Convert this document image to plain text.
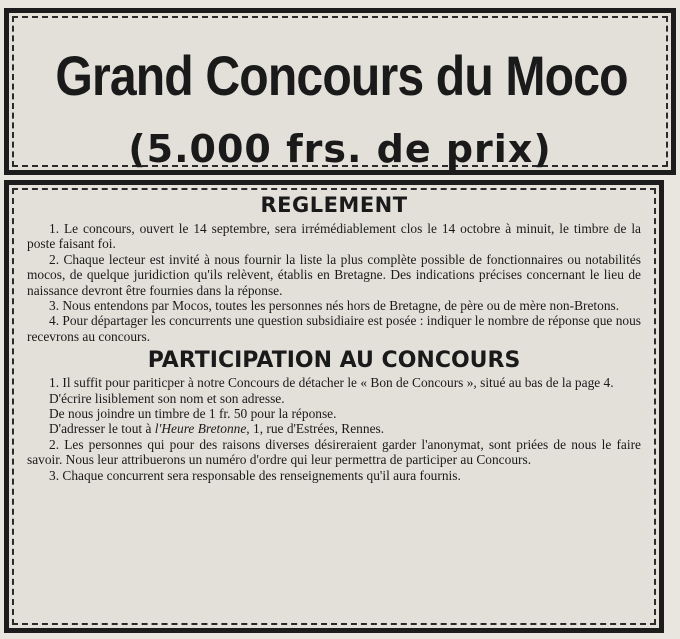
Grand Concours du Moco
(5.000 frs. de prix)
REGLEMENT

1. Le concours, ouvert le 14 septembre, sera irrémédiablement clos le 14 octobre à minuit, le timbre de la poste faisant foi.

2. Chaque lecteur est invité à nous fournir la liste la plus complète possible de fonctionnaires ou notabilités mocos, de quelque juridiction qu'ils relèvent, établis en Bretagne. Des indications précises concernant le lieu de naissance devront être fournies dans la réponse.

3. Nous entendons par Mocos, toutes les personnes nés hors de Bretagne, de père ou de mère non-Bretons.

4. Pour départager les concurrents une question subsidiaire est posée : indiquer le nombre de réponse que nous recevrons au concours.

PARTICIPATION AU CONCOURS

1. Il suffit pour pariticper à notre Concours de détacher le « Bon de Concours », situé au bas de la page 4.

D'écrire lisiblement son nom et son adresse.
De nous joindre un timbre de 1 fr. 50 pour la réponse.
D'adresser le tout à l'Heure Bretonne, 1, rue d'Estrées, Rennes.

2. Les personnes qui pour des raisons diverses désireraient garder l'anonymat, sont priées de nous le faire savoir. Nous leur attribuerons un numéro d'ordre qui leur permettra de participer au Concours.

3. Chaque concurrent sera responsable des renseignements qu'il aura fournis.
